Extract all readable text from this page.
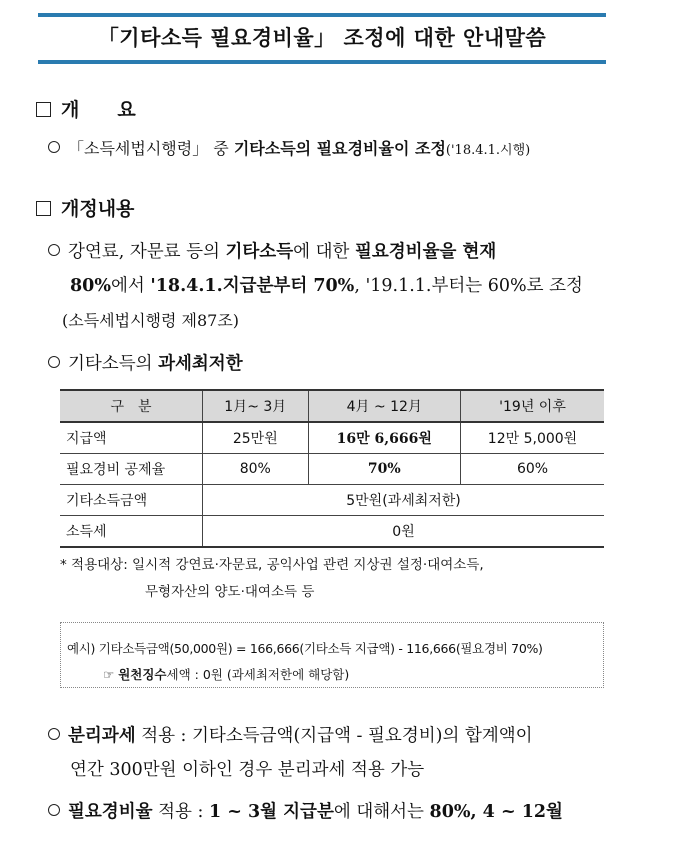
「기타소득 필요경비율」 조정에 대한 안내말씀
개　　요
「소득세법시행령」 중 기타소득의 필요경비율이 조정('18.4.1.시행)
개정내용
강연료, 자문료 등의 기타소득에 대한 필요경비율을 현재
80%에서 '18.4.1.지급분부터 70%, '19.1.1.부터는 60%로 조정
(소득세법시행령 제87조)
기타소득의 과세최저한
구　분	1月~ 3月	4月 ~ 12月	'19년 이후
지급액	25만원	16만 6,666원	12만 5,000원
필요경비 공제율	80%	70%	60%
기타소득금액	5만원(과세최저한)		
소득세	0원		
* 적용대상: 일시적 강연료·자문료, 공익사업 관련 지상권 설정·대여소득,
무형자산의 양도·대여소득 등
예시) 기타소득금액(50,000원) = 166,666(기타소득 지급액) - 116,666(필요경비 70%)
☞ 원천징수세액 : 0원 (과세최저한에 해당함)
분리과세 적용 : 기타소득금액(지급액 - 필요경비)의 합계액이
연간 300만원 이하인 경우 분리과세 적용 가능
필요경비율 적용 : 1 ~ 3월 지급분에 대해서는 80%, 4 ~ 12월
